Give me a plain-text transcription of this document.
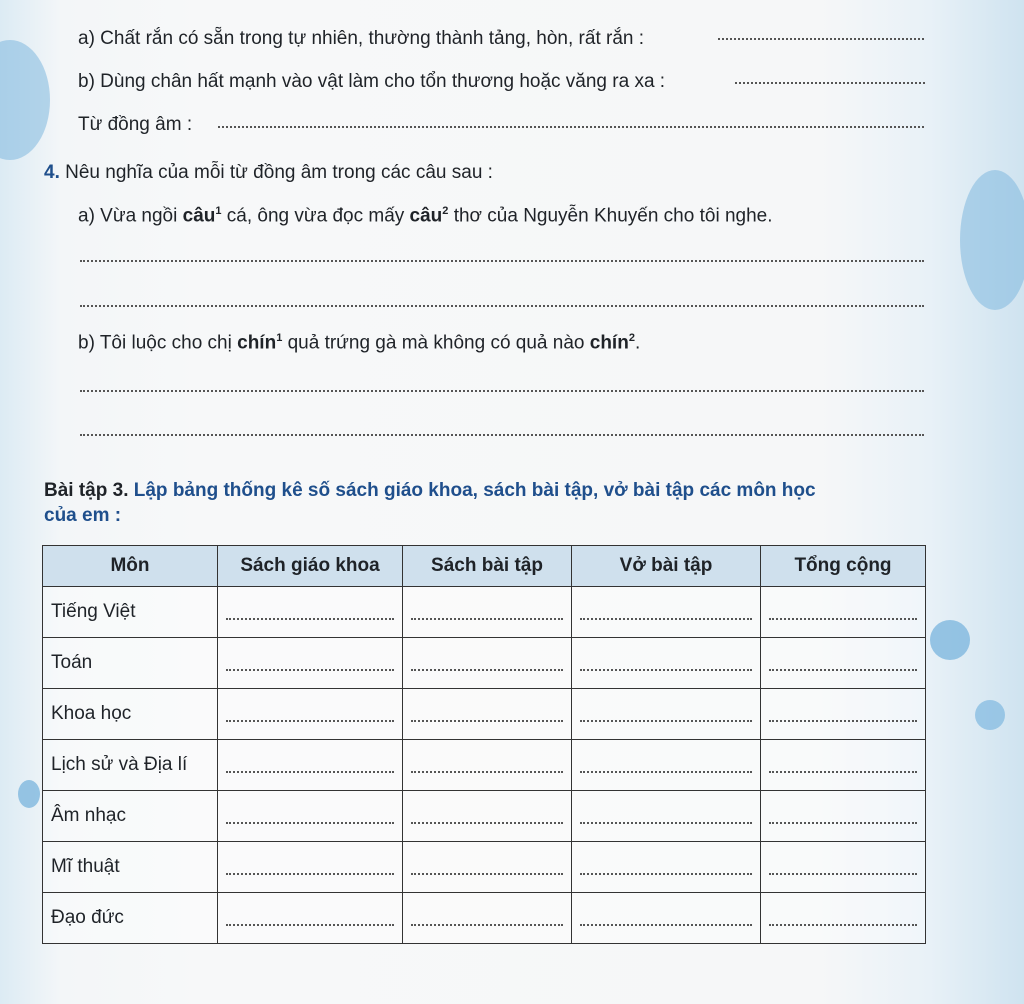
a) Chất rắn có sẵn trong tự nhiên, thường thành tảng, hòn, rất rắn :
b) Dùng chân hất mạnh vào vật làm cho tổn thương hoặc văng ra xa :
Từ đồng âm :
4. Nêu nghĩa của mỗi từ đồng âm trong các câu sau :
a) Vừa ngồi câu$^1$ cá, ông vừa đọc mấy câu$^2$ thơ của Nguyễn Khuyến cho tôi nghe.
b) Tôi luộc cho chị chín$^1$ quả trứng gà mà không có quả nào chín$^2$.
Bài tập 3. Lập bảng thống kê số sách giáo khoa, sách bài tập, vở bài tập các môn học
của em :
Môn	Sách giáo khoa	Sách bài tập	Vở bài tập	Tổng cộng
Tiếng Việt	

Toán	

Khoa học	

Lịch sử và Địa lí	

Âm nhạc	

Mĩ thuật	

Đạo đức	
